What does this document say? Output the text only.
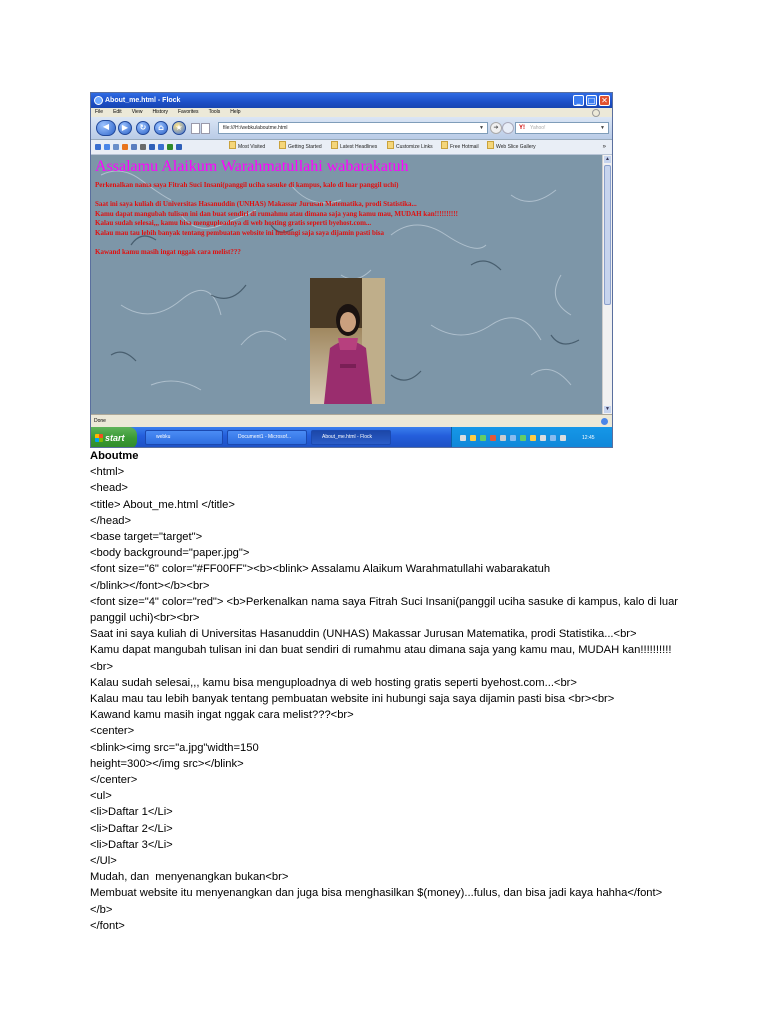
About_me.html - Flock	_ □ ✕
File Edit View History Favorites Tools Help
◀	▶	↻	⌂	★	file:///H:/webku/aboutme.html	▼	➔	Y! Yahoo!	▼
Most Visited	Getting Started	Latest Headlines	Customize Links	Free Hotmail	Web Slice Gallery	»
Assalamu Alaikum Warahmatullahi wabarakatuh
Perkenalkan nama saya Fitrah Suci Insani(panggil uciha sasuke di kampus, kalo di luar panggil uchi)
Saat ini saya kuliah di Universitas Hasanuddin (UNHAS) Makassar Jurusan Matematika, prodi Statistika...
Kamu dapat mangubah tulisan ini dan buat sendiri di rumahmu atau dimana saja yang kamu mau, MUDAH kan!!!!!!!!!!
Kalau sudah selesai,,, kamu bisa menguploadnya di web hosting gratis seperti byehost.com...
Kalau mau tau lebih banyak tentang pembuatan website ini hubungi saja saya dijamin pasti bisa
Kawand kamu masih ingat nggak cara melist???
▲
▼
Done
start	webku	Document1 - Microsof...	About_me.html - Flock	12:45
Aboutme
<html>
<head>
<title> About_me.html </title>
</head>
<base target="target">
<body background="paper.jpg">
<font size="6" color="#FF00FF"><b><blink> Assalamu Alaikum Warahmatullahi wabarakatuh
</blink></font></b><br>
<font size="4" color="red"> <b>Perkenalkan nama saya Fitrah Suci Insani(panggil uciha sasuke di kampus, kalo di luar panggil uchi)<br><br>
Saat ini saya kuliah di Universitas Hasanuddin (UNHAS) Makassar Jurusan Matematika, prodi Statistika...<br>
Kamu dapat mangubah tulisan ini dan buat sendiri di rumahmu atau dimana saja yang kamu mau, MUDAH kan!!!!!!!!!!<br>
Kalau sudah selesai,,, kamu bisa menguploadnya di web hosting gratis seperti byehost.com...<br>
Kalau mau tau lebih banyak tentang pembuatan website ini hubungi saja saya dijamin pasti bisa <br><br>
Kawand kamu masih ingat nggak cara melist???<br>
<center>
<blink><img src="a.jpg"width=150
height=300></img src></blink>
</center>
<ul>
<li>Daftar 1</Li>
<li>Daftar 2</Li>
<li>Daftar 3</Li>
</Ul>
Mudah, dan  menyenangkan bukan<br>
Membuat website itu menyenangkan dan juga bisa menghasilkan $(money)...fulus, dan bisa jadi kaya hahha</font></b>
</font>
